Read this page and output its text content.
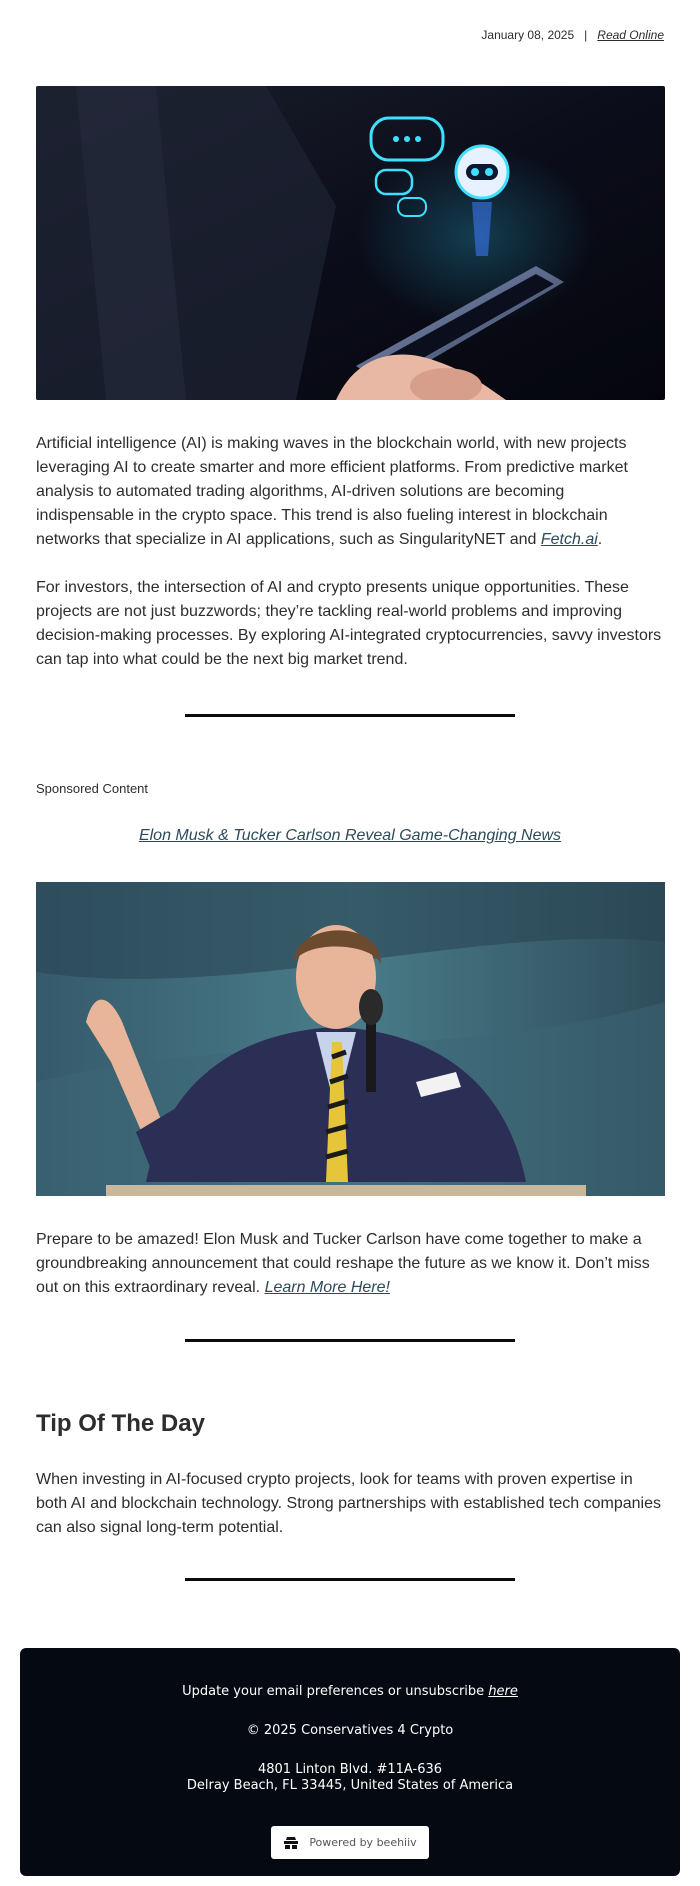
January 08, 2025 | Read Online

Artificial intelligence (AI) is making waves in the blockchain world, with new projects leveraging AI to create smarter and more efficient platforms. From predictive market analysis to automated trading algorithms, AI-driven solutions are becoming indispensable in the crypto space. This trend is also fueling interest in blockchain networks that specialize in AI applications, such as SingularityNET and Fetch.ai.

For investors, the intersection of AI and crypto presents unique opportunities. These projects are not just buzzwords; they’re tackling real-world problems and improving decision-making processes. By exploring AI-integrated cryptocurrencies, savvy investors can tap into what could be the next big market trend.

Sponsored Content
Elon Musk & Tucker Carlson Reveal Game-Changing News

Prepare to be amazed! Elon Musk and Tucker Carlson have come together to make a groundbreaking announcement that could reshape the future as we know it. Don’t miss out on this extraordinary reveal. Learn More Here!

Tip Of The Day

When investing in AI-focused crypto projects, look for teams with proven expertise in both AI and blockchain technology. Strong partnerships with established tech companies can also signal long-term potential.

Update your email preferences or unsubscribe here
© 2025 Conservatives 4 Crypto
4801 Linton Blvd. #11A-636
Delray Beach, FL 33445, United States of America
Powered by beehiiv
